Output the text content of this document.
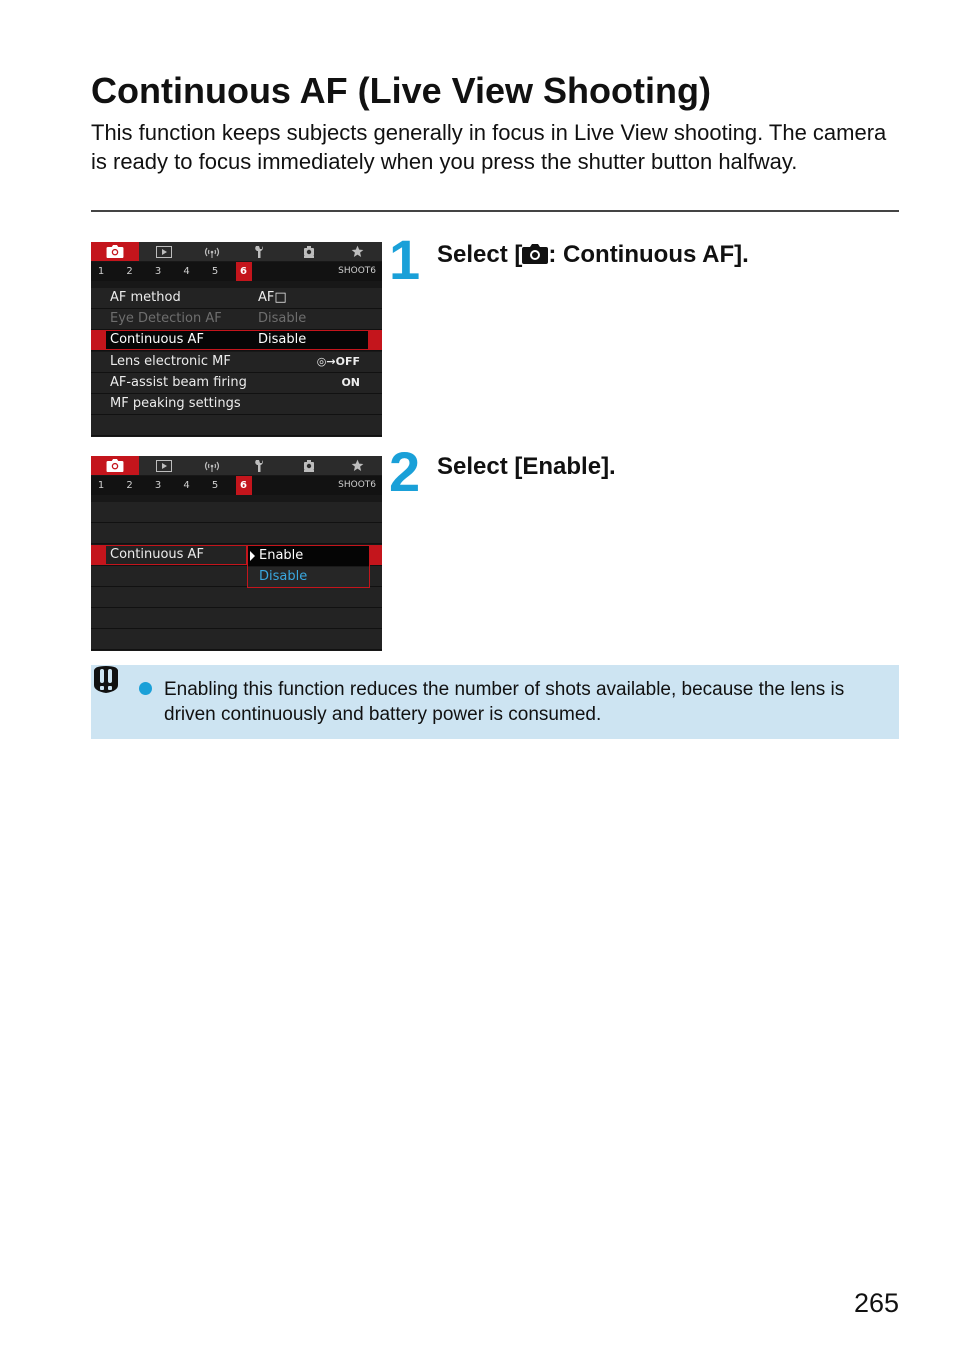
Continuous AF (Live View Shooting)

This function keeps subjects generally in focus in Live View shooting. The camera is ready to focus immediately when you press the shutter button halfway.

1 Select [ : Continuous AF].
SHOOT6
1	2	3	4	5	6
AF method	AF□
Eye Detection AF	Disable
Continuous AF	Disable
Lens electronic MF	◎→OFF
AF-assist beam firing	ON
MF peaking settings
2 Select [Enable].
SHOOT6
1	2	3	4	5	6
Continuous AF	Enable
Disable
Enabling this function reduces the number of shots available, because the lens is driven continuously and battery power is consumed.
265
